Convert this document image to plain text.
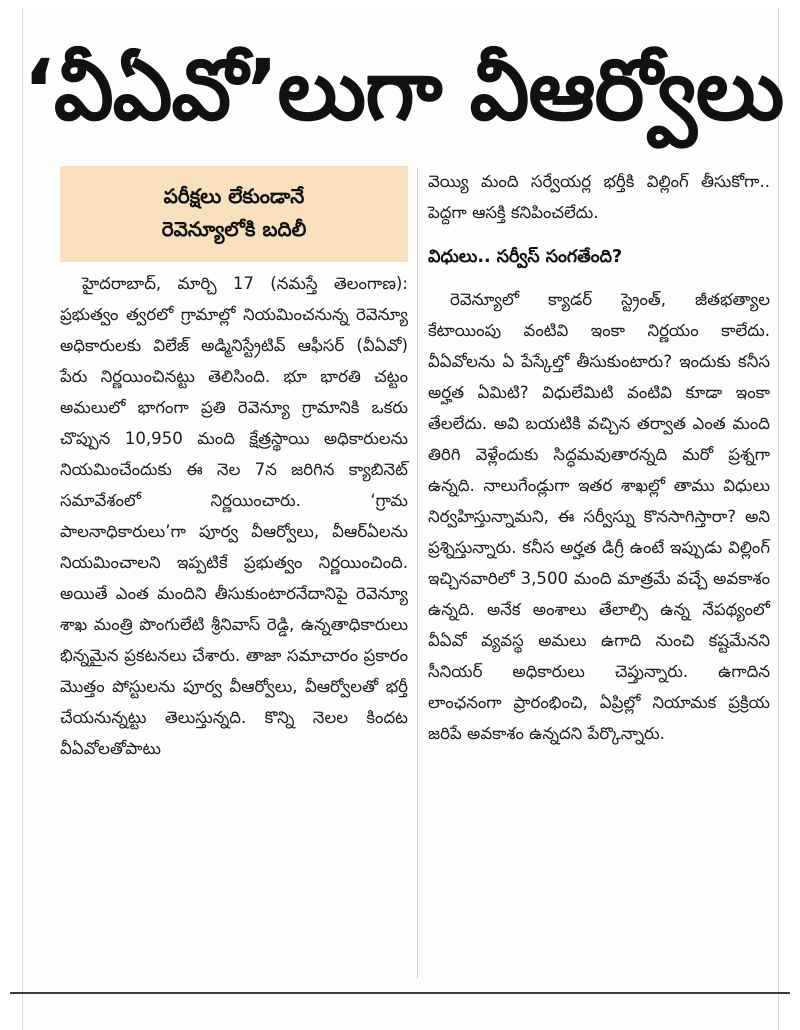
‘వీఏవో’లుగా వీఆర్వోలు
పరీక్షలు లేకుండానే
రెవెన్యూలోకి బదిలీ

హైదరాబాద్, మార్చి 17 (నమస్తే తెలంగాణ): ప్రభుత్వం త్వరలో గ్రామాల్లో నియమించనున్న రెవెన్యూ అధికారులకు విలేజ్ అడ్మినిస్ట్రేటివ్ ఆఫీసర్ (వీఏవో) పేరు నిర్ణయించినట్టు తెలిసింది. భూ భారతి చట్టం అమలులో భాగంగా ప్రతి రెవెన్యూ గ్రామానికి ఒకరు చొప్పున 10,950 మంది క్షేత్రస్థాయి అధికారులను నియమించేందుకు ఈ నెల 7న జరిగిన క్యాబినెట్ సమావేశంలో నిర్ణయించారు. ‘గ్రామ పాలనాధికారులు’గా పూర్వ వీఆర్వోలు, వీఆర్ఏలను నియమించాలని ఇప్పటికే ప్రభుత్వం నిర్ణయించింది. అయితే ఎంత మందిని తీసుకుంటారనేదానిపై రెవెన్యూ శాఖ మంత్రి పొంగులేటి శ్రీనివాస్ రెడ్డి, ఉన్నతాధికారులు భిన్నమైన ప్రకటనలు చేశారు. తాజా సమాచారం ప్రకారం మొత్తం పోస్టులను పూర్వ వీఆర్వోలు, వీఆర్వోలతో భర్తీ చేయనున్నట్టు తెలుస్తున్నది. కొన్ని నెలల కిందట వీఏవోలతోపాటు

వెయ్యి మంది సర్వేయర్ల భర్తీకి విల్లింగ్ తీసుకోగా.. పెద్దగా ఆసక్తి కనిపించలేదు.

విధులు.. సర్వీస్ సంగతేంది?

రెవెన్యూలో క్యాడర్ స్ట్రెంత్, జీతభత్యాల కేటాయింపు వంటివి ఇంకా నిర్ణయం కాలేదు. వీఏవోలను ఏ పేస్కేల్తో తీసుకుంటారు? ఇందుకు కనీస అర్హత ఏమిటి? విధులేమిటి వంటివి కూడా ఇంకా తేలలేదు. అవి బయటికి వచ్చిన తర్వాత ఎంత మంది తిరిగి వెళ్లేందుకు సిద్ధమవుతారన్నది మరో ప్రశ్నగా ఉన్నది. నాలుగేండ్లుగా ఇతర శాఖల్లో తాము విధులు నిర్వహిస్తున్నామని, ఈ సర్వీస్ను కొనసాగిస్తారా? అని ప్రశ్నిస్తున్నారు. కనీస అర్హత డిగ్రీ ఉంటే ఇప్పుడు విల్లింగ్ ఇచ్చినవారిలో 3,500 మంది మాత్రమే వచ్చే అవకాశం ఉన్నది. అనేక అంశాలు తేలాల్సి ఉన్న నేపథ్యంలో వీఏవో వ్యవస్థ అమలు ఉగాది నుంచి కష్టమేనని సీనియర్ అధికారులు చెప్తున్నారు. ఉగాదిన లాంఛనంగా ప్రారంభించి, ఏప్రిల్లో నియామక ప్రక్రియ జరిపే అవకాశం ఉన్నదని పేర్కొన్నారు.
